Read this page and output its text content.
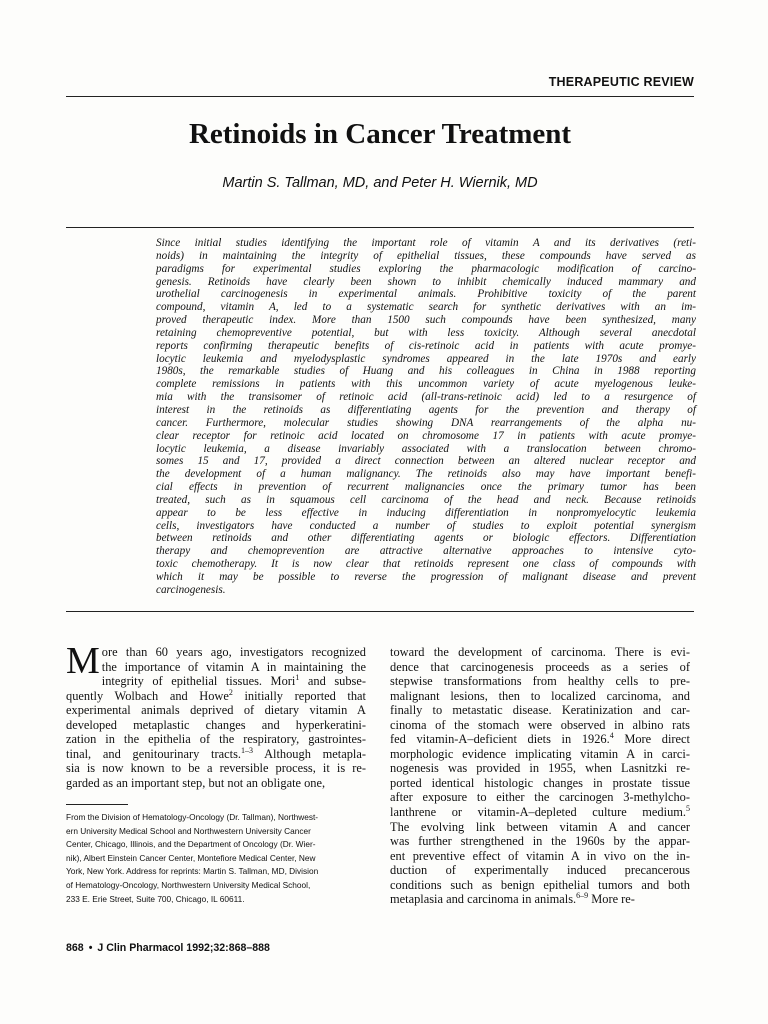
THERAPEUTIC REVIEW
Retinoids in Cancer Treatment
Martin S. Tallman, MD, and Peter H. Wiernik, MD

Since initial studies identifying the important role of vitamin A and its derivatives (reti-
noids) in maintaining the integrity of epithelial tissues, these compounds have served as
paradigms for experimental studies exploring the pharmacologic modification of carcino-
genesis. Retinoids have clearly been shown to inhibit chemically induced mammary and
urothelial carcinogenesis in experimental animals. Prohibitive toxicity of the parent
compound, vitamin A, led to a systematic search for synthetic derivatives with an im-
proved therapeutic index. More than 1500 such compounds have been synthesized, many
retaining chemopreventive potential, but with less toxicity. Although several anecdotal
reports confirming therapeutic benefits of cis-retinoic acid in patients with acute promye-
locytic leukemia and myelodysplastic syndromes appeared in the late 1970s and early
1980s, the remarkable studies of Huang and his colleagues in China in 1988 reporting
complete remissions in patients with this uncommon variety of acute myelogenous leuke-
mia with the transisomer of retinoic acid (all-trans-retinoic acid) led to a resurgence of
interest in the retinoids as differentiating agents for the prevention and therapy of
cancer. Furthermore, molecular studies showing DNA rearrangements of the alpha nu-
clear receptor for retinoic acid located on chromosome 17 in patients with acute promye-
locytic leukemia, a disease invariably associated with a translocation between chromo-
somes 15 and 17, provided a direct connection between an altered nuclear receptor and
the development of a human malignancy. The retinoids also may have important benefi-
cial effects in prevention of recurrent malignancies once the primary tumor has been
treated, such as in squamous cell carcinoma of the head and neck. Because retinoids
appear to be less effective in inducing differentiation in nonpromyelocytic leukemia
cells, investigators have conducted a number of studies to exploit potential synergism
between retinoids and other differentiating agents or biologic effectors. Differentiation
therapy and chemoprevention are attractive alternative approaches to intensive cyto-
toxic chemotherapy. It is now clear that retinoids represent one class of compounds with
which it may be possible to reverse the progression of malignant disease and prevent
carcinogenesis.

M ore than 60 years ago, investigators recognized
the importance of vitamin A in maintaining the
integrity of epithelial tissues. Mori$^1$ and subse-
quently Wolbach and Howe$^2$ initially reported that
experimental animals deprived of dietary vitamin A
developed metaplastic changes and hyperkeratini-
zation in the epithelia of the respiratory, gastrointes-
tinal, and genitourinary tracts.$^{1-3}$ Although metapla-
sia is now known to be a reversible process, it is re-
garded as an important step, but not an obligate one,

From the Division of Hematology-Oncology (Dr. Tallman), Northwest-
ern University Medical School and Northwestern University Cancer
Center, Chicago, Illinois, and the Department of Oncology (Dr. Wier-
nik), Albert Einstein Cancer Center, Montefiore Medical Center, New
York, New York. Address for reprints: Martin S. Tallman, MD, Division
of Hematology-Oncology, Northwestern University Medical School,
233 E. Erie Street, Suite 700, Chicago, IL 60611.

toward the development of carcinoma. There is evi-
dence that carcinogenesis proceeds as a series of
stepwise transformations from healthy cells to pre-
malignant lesions, then to localized carcinoma, and
finally to metastatic disease. Keratinization and car-
cinoma of the stomach were observed in albino rats
fed vitamin-A–deficient diets in 1926.$^4$ More direct
morphologic evidence implicating vitamin A in carci-
nogenesis was provided in 1955, when Lasnitzki re-
ported identical histologic changes in prostate tissue
after exposure to either the carcinogen 3-methylcho-
lanthrene or vitamin-A–depleted culture medium.$^5$
The evolving link between vitamin A and cancer
was further strengthened in the 1960s by the appar-
ent preventive effect of vitamin A in vivo on the in-
duction of experimentally induced precancerous
conditions such as benign epithelial tumors and both
metaplasia and carcinoma in animals.$^{6-9}$ More re-

868 • J Clin Pharmacol 1992;32:868–888
